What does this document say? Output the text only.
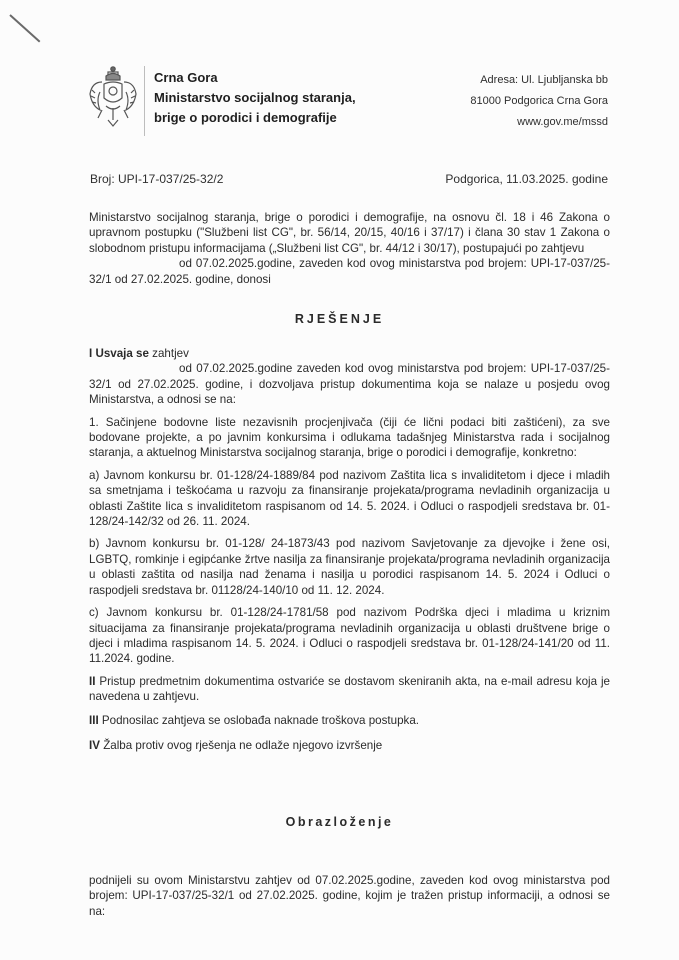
Crna Gora
Ministarstvo socijalnog staranja,
brige o porodici i demografije
Adresa: Ul. Ljubljanska bb
81000 Podgorica Crna Gora
www.gov.me/mssd
Broj: UPI-17-037/25-32/2	Podgorica, 11.03.2025. godine
Ministarstvo socijalnog staranja, brige o porodici i demografije, na osnovu čl. 18 i 46 Zakona o upravnom postupku ("Službeni list CG", br. 56/14, 20/15, 40/16 i 37/17) i člana 30 stav 1 Zakona o slobodnom pristupu informacijama („Službeni list CG", br. 44/12 i 30/17), postupajući po zahtjevu
od 07.02.2025.godine, zaveden kod ovog ministarstva pod brojem: UPI-17-037/25-32/1 od 27.02.2025. godine, donosi
RJEŠENJE
I Usvaja se zahtjev
od 07.02.2025.godine zaveden kod ovog ministarstva pod brojem: UPI-17-037/25-32/1 od 27.02.2025. godine, i dozvoljava pristup dokumentima koja se nalaze u posjedu ovog Ministarstva, a odnosi se na:
1. Sačinjene bodovne liste nezavisnih procjenjivača (čiji će lični podaci biti zaštićeni), za sve bodovane projekte, a po javnim konkursima i odlukama tadašnjeg Ministarstva rada i socijalnog staranja, a aktuelnog Ministarstva socijalnog staranja, brige o porodici i demografije, konkretno:
a) Javnom konkursu br. 01-128/24-1889/84 pod nazivom Zaštita lica s invaliditetom i djece i mladih sa smetnjama i teškoćama u razvoju za finansiranje projekata/programa nevladinih organizacija u oblasti Zaštite lica s invaliditetom raspisanom od 14. 5. 2024. i Odluci o raspodjeli sredstava br. 01-128/24-142/32 od 26. 11. 2024.
b) Javnom konkursu br. 01-128/ 24-1873/43 pod nazivom Savjetovanje za djevojke i žene osi, LGBTQ, romkinje i egipćanke žrtve nasilja za finansiranje projekata/programa nevladinih organizacija u oblasti zaštita od nasilja nad ženama i nasilja u porodici raspisanom 14. 5. 2024 i Odluci o raspodjeli sredstava br. 01128/24-140/10 od 11. 12. 2024.
c) Javnom konkursu br. 01-128/24-1781/58 pod nazivom Podrška djeci i mladima u kriznim situacijama za finansiranje projekata/programa nevladinih organizacija u oblasti društvene brige o djeci i mladima raspisanom 14. 5. 2024. i Odluci o raspodjeli sredstava br. 01-128/24-141/20 od 11. 11.2024. godine.
II Pristup predmetnim dokumentima ostvariće se dostavom skeniranih akta, na e-mail adresu koja je navedena u zahtjevu.
III Podnosilac zahtjeva se oslobađa naknade troškova postupka.
IV Žalba protiv ovog rješenja ne odlaže njegovo izvršenje
Obrazloženje
podnijeli su ovom Ministarstvu zahtjev od 07.02.2025.godine, zaveden kod ovog ministarstva pod brojem: UPI-17-037/25-32/1 od 27.02.2025. godine, kojim je tražen pristup informaciji, a odnosi se na:
